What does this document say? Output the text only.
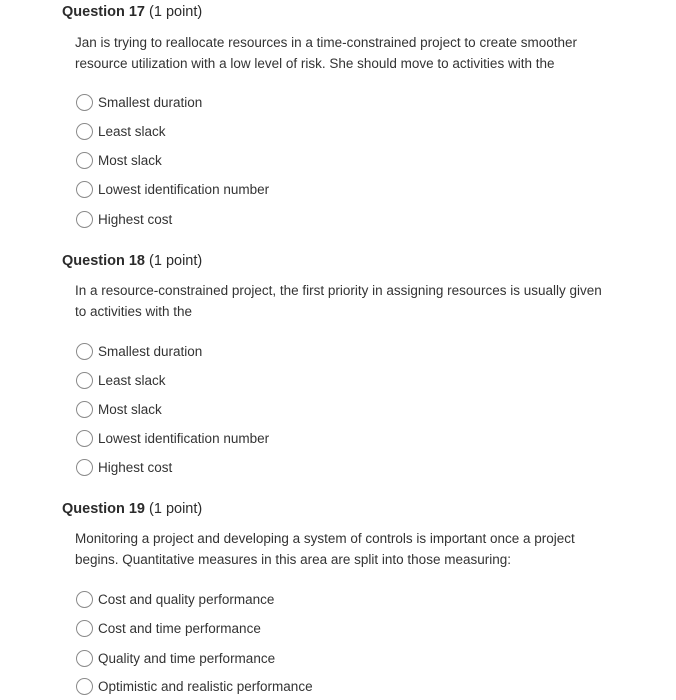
Question 17 (1 point)
Jan is trying to reallocate resources in a time-constrained project to create smoother resource utilization with a low level of risk. She should move to activities with the
Smallest duration
Least slack
Most slack
Lowest identification number
Highest cost
Question 18 (1 point)
In a resource-constrained project, the first priority in assigning resources is usually given to activities with the
Smallest duration
Least slack
Most slack
Lowest identification number
Highest cost
Question 19 (1 point)
Monitoring a project and developing a system of controls is important once a project begins. Quantitative measures in this area are split into those measuring:
Cost and quality performance
Cost and time performance
Quality and time performance
Optimistic and realistic performance
